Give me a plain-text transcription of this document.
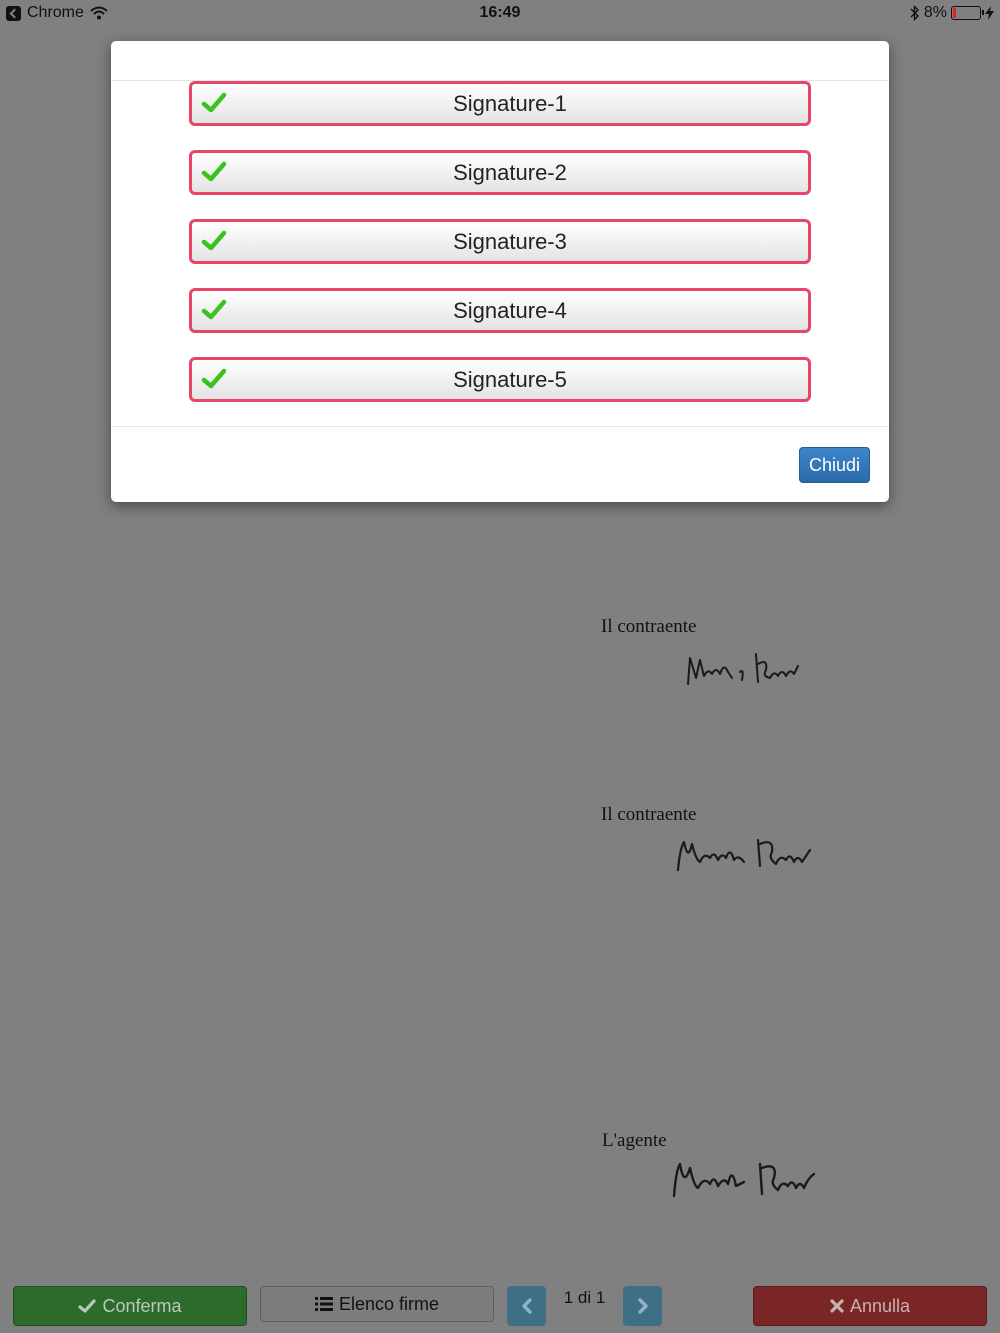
Chrome	16:49	8%
Il contraente
Il contraente
L'agente
Signature-1
Signature-2
Signature-3
Signature-4
Signature-5
Chiudi
Conferma	Elenco firme	1 di 1	Annulla
